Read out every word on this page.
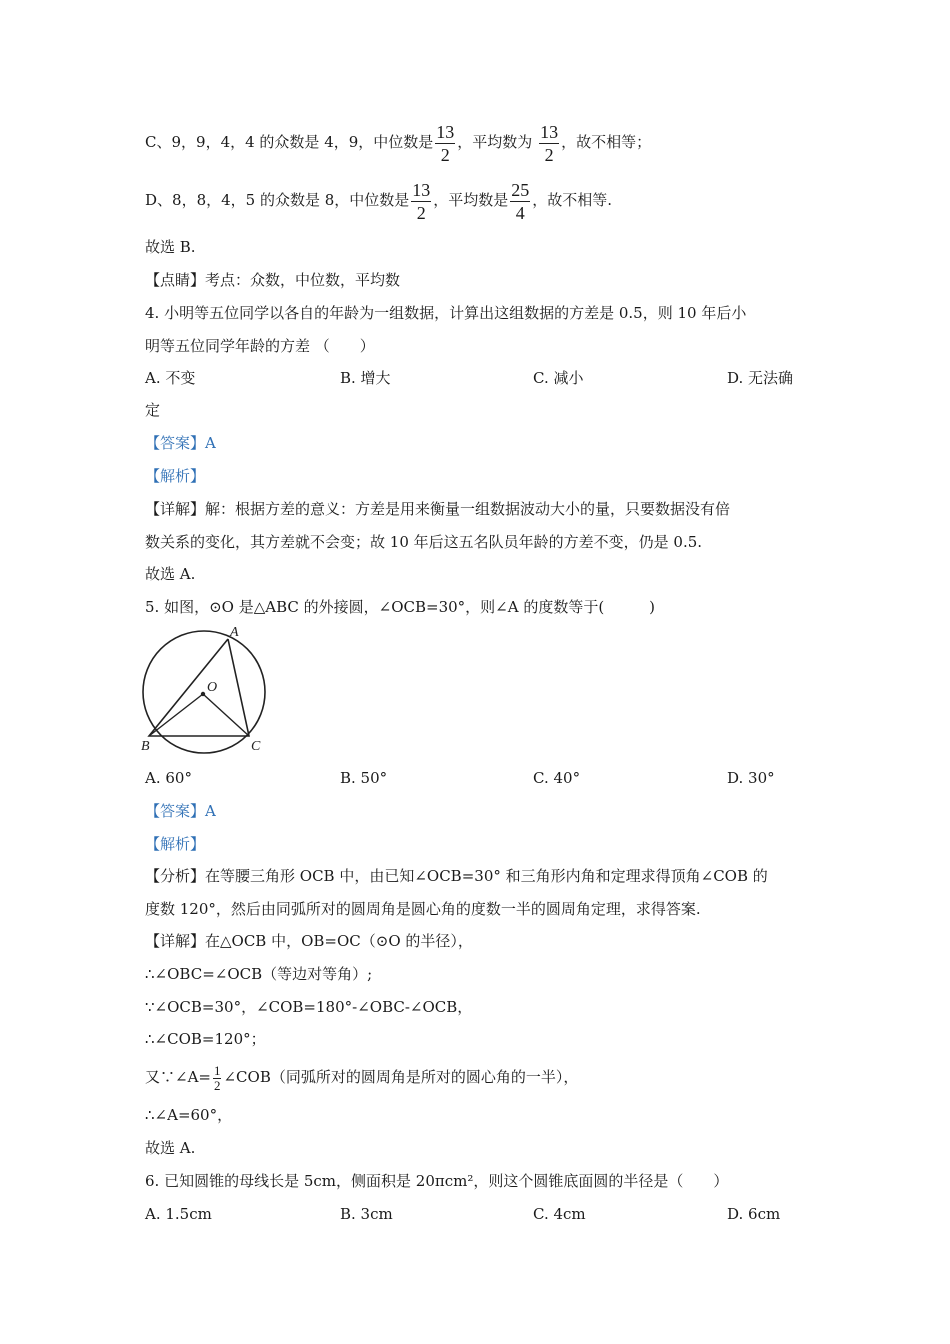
C、9，9，4，4 的众数是 4，9，中位数是 $\frac{13}{2}$ ，平均数为 $\frac{13}{2}$ ，故不相等；
D、8，8，4，5 的众数是 8，中位数是 $\frac{13}{2}$ ，平均数是 $\frac{25}{4}$ ，故不相等.
故选 B.
【点睛】考点：众数，中位数，平均数
4. 小明等五位同学以各自的年龄为一组数据，计算出这组数据的方差是 0.5，则 10 年后小
明等五位同学年龄的方差 （　　）
A. 不变	B. 增大	C. 减小	D. 无法确
定
【答案】A
【解析】
【详解】解：根据方差的意义：方差是用来衡量一组数据波动大小的量，只要数据没有倍
数关系的变化，其方差就不会变；故 10 年后这五名队员年龄的方差不变，仍是 0.5.
故选 A.
5. 如图，⊙O 是△ABC 的外接圆，∠OCB=30°，则∠A 的度数等于(　　　)
A
O
B	C
A. 60°	B. 50°	C. 40°	D. 30°
【答案】A
【解析】
【分析】在等腰三角形 OCB 中，由已知∠OCB=30° 和三角形内角和定理求得顶角∠COB 的
度数 120°，然后由同弧所对的圆周角是圆心角的度数一半的圆周角定理，求得答案.
【详解】在△OCB 中，OB=OC（⊙O 的半径），
∴∠OBC=∠OCB（等边对等角）;
∵∠OCB=30°，∠COB=180°-∠OBC-∠OCB，
∴∠COB=120°；
又∵∠A= $\frac{1}{2}$ ∠COB（同弧所对的圆周角是所对的圆心角的一半），
∴∠A=60°，
故选 A.
6. 已知圆锥的母线长是 5cm，侧面积是 20πcm²，则这个圆锥底面圆的半径是（　　）
A. 1.5cm	B. 3cm	C. 4cm	D. 6cm
